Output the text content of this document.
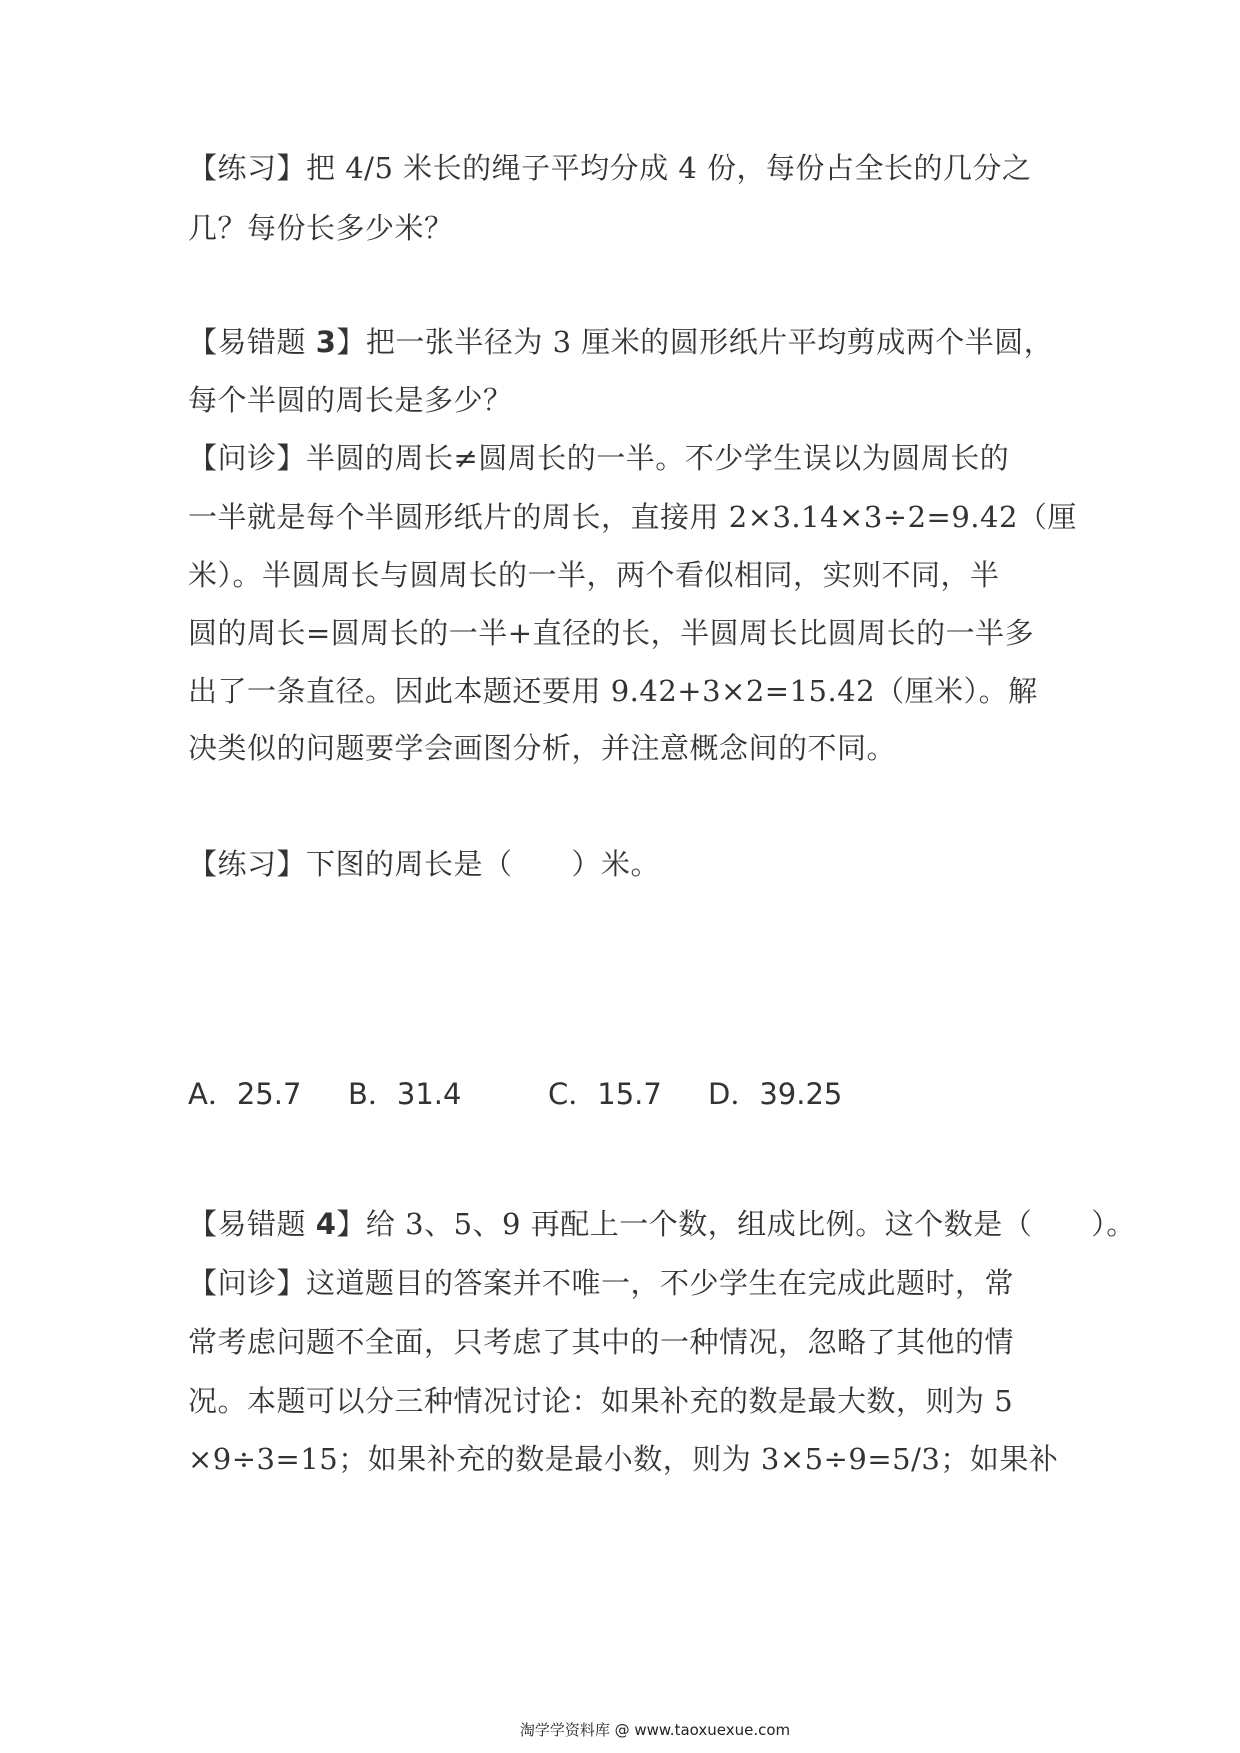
【练习】把 4/5 米长的绳子平均分成 4 份，每份占全长的几分之
几？每份长多少米？
【易错题 3】把一张半径为 3 厘米的圆形纸片平均剪成两个半圆，
每个半圆的周长是多少？
【问诊】半圆的周长≠圆周长的一半。不少学生误以为圆周长的
一半就是每个半圆形纸片的周长，直接用 2×3.14×3÷2=9.42（厘
米）。半圆周长与圆周长的一半，两个看似相同，实则不同，半
圆的周长=圆周长的一半+直径的长，半圆周长比圆周长的一半多
出了一条直径。因此本题还要用 9.42+3×2=15.42（厘米）。解
决类似的问题要学会画图分析，并注意概念间的不同。
【练习】下图的周长是（　　）米。
A．25.7 B．31.4	C．15.7 D．39.25
【易错题 4】给 3、5、9 再配上一个数，组成比例。这个数是（　　）。
【问诊】这道题目的答案并不唯一，不少学生在完成此题时，常
常考虑问题不全面，只考虑了其中的一种情况，忽略了其他的情
况。本题可以分三种情况讨论：如果补充的数是最大数，则为 5
×9÷3=15；如果补充的数是最小数，则为 3×5÷9=5/3；如果补
淘学学资料库 @ www.taoxuexue.com
